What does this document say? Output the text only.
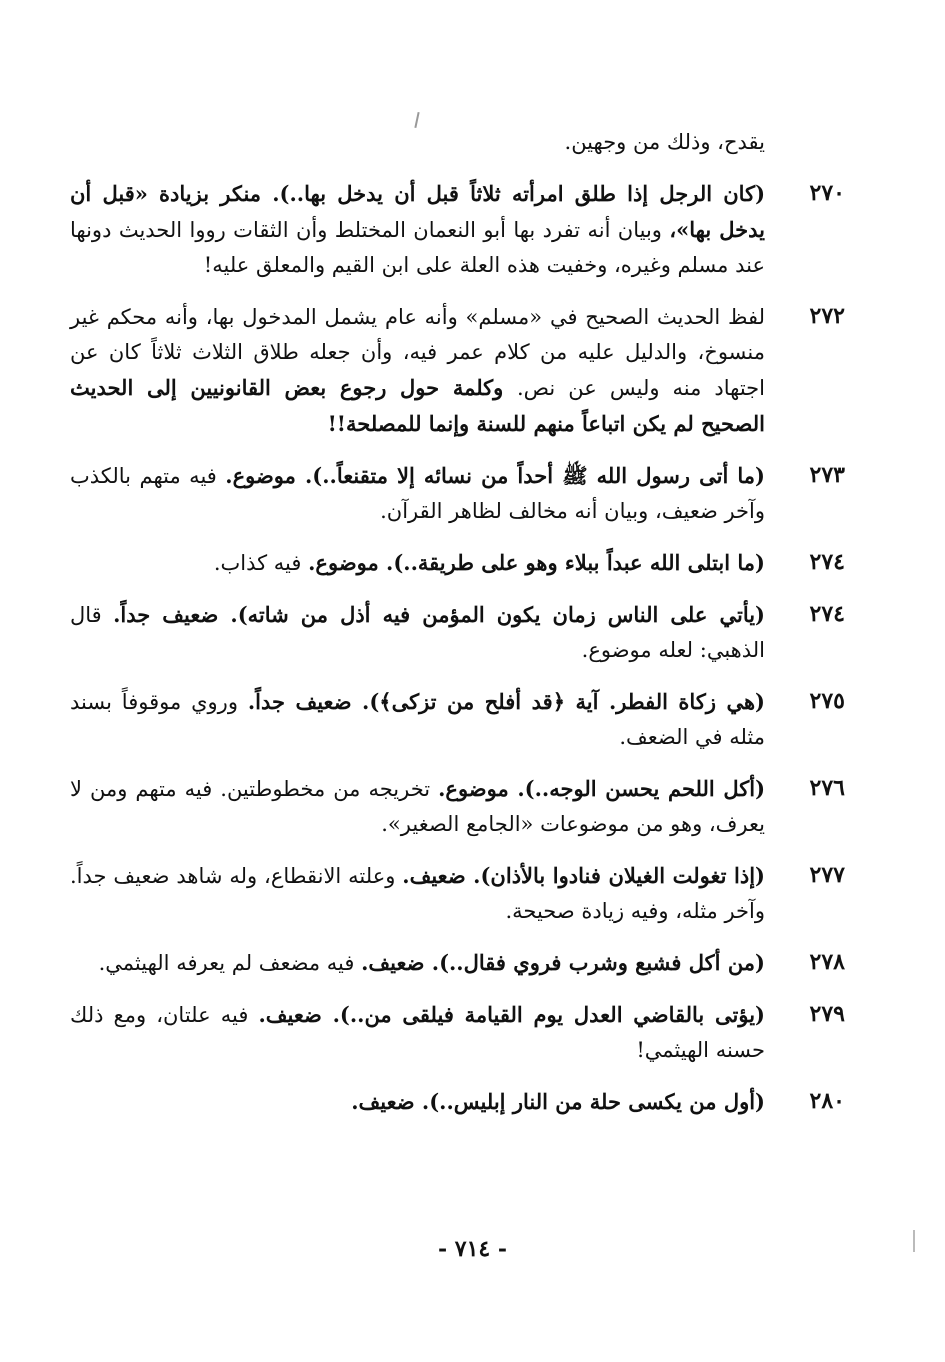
يقدح، وذلك من وجهين.

٢٧٠
(كان الرجل إذا طلق امرأته ثلاثاً قبل أن يدخل بها..). منكر بزيادة «قبل أن يدخل بها»، وبيان أنه تفرد بها أبو النعمان المختلط وأن الثقات رووا الحديث دونها عند مسلم وغيره، وخفيت هذه العلة على ابن القيم والمعلق عليه!
٢٧٢
لفظ الحديث الصحيح في «مسلم» وأنه عام يشمل المدخول بها، وأنه محكم غير منسوخ، والدليل عليه من كلام عمر فيه، وأن جعله طلاق الثلاث ثلاثاً كان عن اجتهاد منه وليس عن نص. وكلمة حول رجوع بعض القانونيين إلى الحديث الصحيح لم يكن اتباعاً منهم للسنة وإنما للمصلحة!!
٢٧٣
(ما أتى رسول الله ﷺ أحداً من نسائه إلا متقنعاً..). موضوع. فيه متهم بالكذب وآخر ضعيف، وبيان أنه مخالف لظاهر القرآن.
٢٧٤
(ما ابتلى الله عبداً ببلاء وهو على طريقة..). موضوع. فيه كذاب.
٢٧٤
(يأتي على الناس زمان يكون المؤمن فيه أذل من شاته). ضعيف جداً. قال الذهبي: لعله موضوع.
٢٧٥
(هي زكاة الفطر. آية ﴿قد أفلح من تزكى﴾). ضعيف جداً. وروي موقوفاً بسند مثله في الضعف.
٢٧٦
(أكل اللحم يحسن الوجه..). موضوع. تخريجه من مخطوطتين. فيه متهم ومن لا يعرف، وهو من موضوعات «الجامع الصغير».
٢٧٧
(إذا تغولت الغيلان فنادوا بالأذان). ضعيف. وعلته الانقطاع، وله شاهد ضعيف جداً. وآخر مثله، وفيه زيادة صحيحة.
٢٧٨
(من أكل فشبع وشرب فروي فقال..). ضعيف. فيه مضعف لم يعرفه الهيثمي.
٢٧٩
(يؤتى بالقاضي العدل يوم القيامة فيلقى من..). ضعيف. فيه علتان، ومع ذلك حسنه الهيثمي!
٢٨٠
(أول من يكسى حلة من النار إبليس..). ضعيف.
- ٧١٤ -
